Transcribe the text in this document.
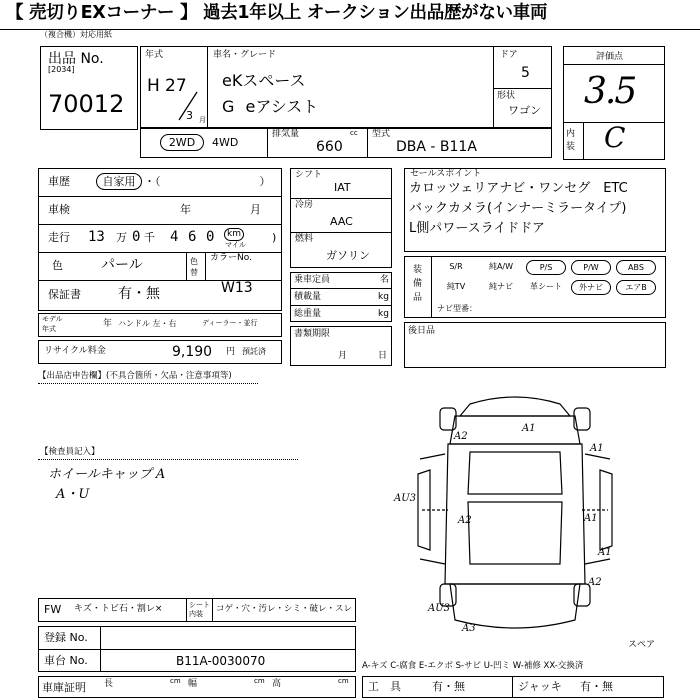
【 売切りEXコーナー 】 過去1年以上 オークション出品歴がない車両
（複合機）対応用紙
出品 No.
[2034]
70012
年式
H 27
3 月
車名・グレード
eKスペース
G eアシスト
ドア
5
形状
ワゴン
評価点
3.5
内装 C
2WD	4WD
排気量	cc
660
型式
DBA - B11A
車歴	自家用 ・（　　　　　　　　　）
車検	年	月
走行 13 万 0 千 4 6 0	km
マイル
)
色	パール	色替
カラーNo.
保証書	有・無	W13
モデル年式	年 ハンドル 左・右	ディーラー・並行
リサイクル料金	9,190 円 預託済
シフト
IAT
冷房
AAC
燃料
ガソリン
乗車定員	名
積載量	kg
総重量	kg
書類期限
月	日
セールスポイント
カロッツェリアナビ・ワンセグ　ETC
バックカメラ(インナーミラータイプ)
L側パワースライドドア
装備品
S/R	純A/W	P/S	P/W	ABS
純TV	純ナビ	革シート	外ナビ	エアB
ナビ型番：
後日品
【出品店申告欄】(不具合箇所・欠品・注意事項等)
【検査員記入】
ホイールキャップ A
A・U
A1
A2
A1
AU3
A2	A1
A1
A2
AU3
A3
FW キズ・トビ石・割レ×	シート内装	コゲ・穴・汚レ・シミ・破レ・スレ
スペア
登録 No.
車台 No.	B11A-0030070	A-キズ C-腐食 E-エクボ S-サビ U-凹ミ W-補修 XX-交換済
車庫証明 長	cm 幅	cm 高	cm 工　具	有・無	ジャッキ 有・無
